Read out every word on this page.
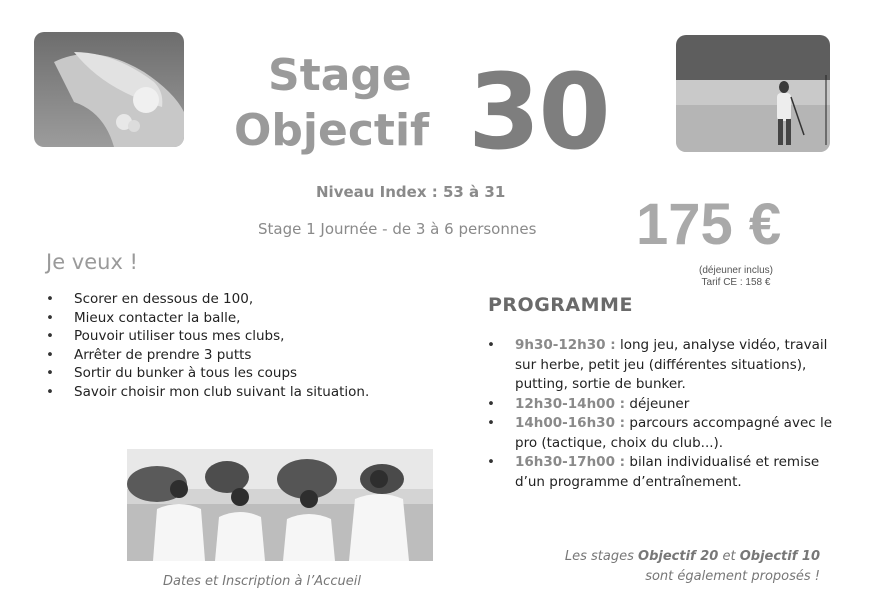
Stage
Objectif 30
Niveau Index : 53 à 31
Stage 1 Journée - de 3 à 6 personnes 175 €
(déjeuner inclus)
Tarif CE : 158 €
Je veux !
• Scorer en dessous de 100,
• Mieux contacter la balle,
• Pouvoir utiliser tous mes clubs,
• Arrêter de prendre 3 putts
• Sortir du bunker à tous les coups
• Savoir choisir mon club suivant la situation.
PROGRAMME
• 9h30-12h30 : long jeu, analyse vidéo, travail sur herbe, petit jeu (différentes situations), putting, sortie de bunker.
• 12h30-14h00 : déjeuner
• 14h00-16h30 : parcours accompagné avec le pro (tactique, choix du club...).
• 16h30-17h00 : bilan individualisé et remise d’un programme d’entraînement.
Dates et Inscription à l’Accueil
Les stages Objectif 20 et Objectif 10
sont également proposés !
